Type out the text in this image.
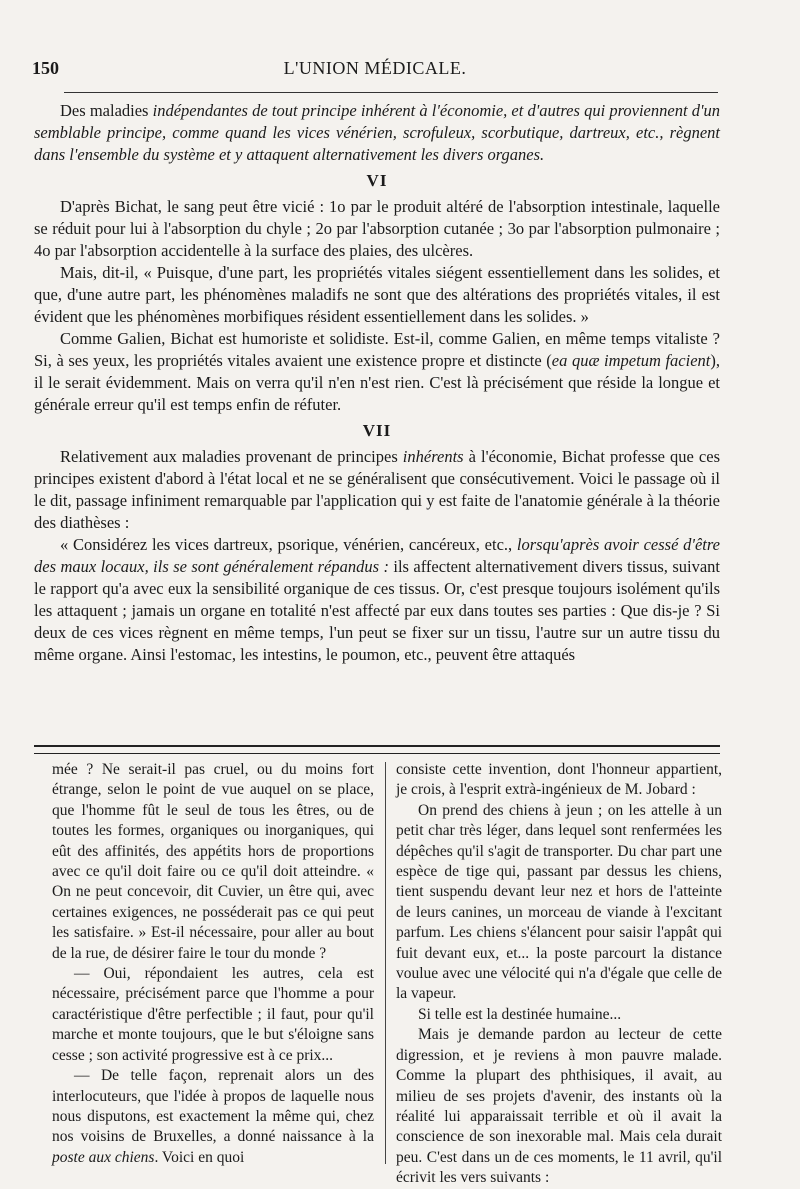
150	L'UNION MÉDICALE.

Des maladies indépendantes de tout principe inhérent à l'économie, et d'autres qui proviennent d'un semblable principe, comme quand les vices vénérien, scrofuleux, scorbutique, dartreux, etc., règnent dans l'ensemble du système et y attaquent alternativement les divers organes.

VI

D'après Bichat, le sang peut être vicié : 1o par le produit altéré de l'absorption intestinale, laquelle se réduit pour lui à l'absorption du chyle ; 2o par l'absorption cutanée ; 3o par l'absorption pulmonaire ; 4o par l'absorption accidentelle à la surface des plaies, des ulcères.

Mais, dit-il, « Puisque, d'une part, les propriétés vitales siégent essentiellement dans les solides, et que, d'une autre part, les phénomènes maladifs ne sont que des altérations des propriétés vitales, il est évident que les phénomènes morbifiques résident essentiellement dans les solides. »

Comme Galien, Bichat est humoriste et solidiste. Est-il, comme Galien, en même temps vitaliste ? Si, à ses yeux, les propriétés vitales avaient une existence propre et distincte (ea quæ impetum facient), il le serait évidemment. Mais on verra qu'il n'en n'est rien. C'est là précisément que réside la longue et générale erreur qu'il est temps enfin de réfuter.

VII

Relativement aux maladies provenant de principes inhérents à l'économie, Bichat professe que ces principes existent d'abord à l'état local et ne se généralisent que consécutivement. Voici le passage où il le dit, passage infiniment remarquable par l'application qui y est faite de l'anatomie générale à la théorie des diathèses :

« Considérez les vices dartreux, psorique, vénérien, cancéreux, etc., lorsqu'après avoir cessé d'être des maux locaux, ils se sont généralement répandus : ils affectent alternativement divers tissus, suivant le rapport qu'a avec eux la sensibilité organique de ces tissus. Or, c'est presque toujours isolément qu'ils les attaquent ; jamais un organe en totalité n'est affecté par eux dans toutes ses parties : Que dis-je ? Si deux de ces vices règnent en même temps, l'un peut se fixer sur un tissu, l'autre sur un autre tissu du même organe. Ainsi l'estomac, les intestins, le poumon, etc., peuvent être attaqués

mée ? Ne serait-il pas cruel, ou du moins fort étrange, selon le point de vue auquel on se place, que l'homme fût le seul de tous les êtres, ou de toutes les formes, organiques ou inorganiques, qui eût des affinités, des appétits hors de proportions avec ce qu'il doit faire ou ce qu'il doit atteindre. « On ne peut concevoir, dit Cuvier, un être qui, avec certaines exigences, ne posséderait pas ce qui peut les satisfaire. » Est-il nécessaire, pour aller au bout de la rue, de désirer faire le tour du monde ?

— Oui, répondaient les autres, cela est nécessaire, précisément parce que l'homme a pour caractéristique d'être perfectible ; il faut, pour qu'il marche et monte toujours, que le but s'éloigne sans cesse ; son activité progressive est à ce prix...

— De telle façon, reprenait alors un des interlocuteurs, que l'idée à propos de laquelle nous nous disputons, est exactement la même qui, chez nos voisins de Bruxelles, a donné naissance à la poste aux chiens. Voici en quoi

consiste cette invention, dont l'honneur appartient, je crois, à l'esprit extrà-ingénieux de M. Jobard :

On prend des chiens à jeun ; on les attelle à un petit char très léger, dans lequel sont renfermées les dépêches qu'il s'agit de transporter. Du char part une espèce de tige qui, passant par dessus les chiens, tient suspendu devant leur nez et hors de l'atteinte de leurs canines, un morceau de viande à l'excitant parfum. Les chiens s'élancent pour saisir l'appât qui fuit devant eux, et... la poste parcourt la distance voulue avec une vélocité qui n'a d'égale que celle de la vapeur.

Si telle est la destinée humaine...

Mais je demande pardon au lecteur de cette digression, et je reviens à mon pauvre malade. Comme la plupart des phthisiques, il avait, au milieu de ses projets d'avenir, des instants où la réalité lui apparaissait terrible et où il avait la conscience de son inexorable mal. Mais cela durait peu. C'est dans un de ces moments, le 11 avril, qu'il écrivit les vers suivants :
